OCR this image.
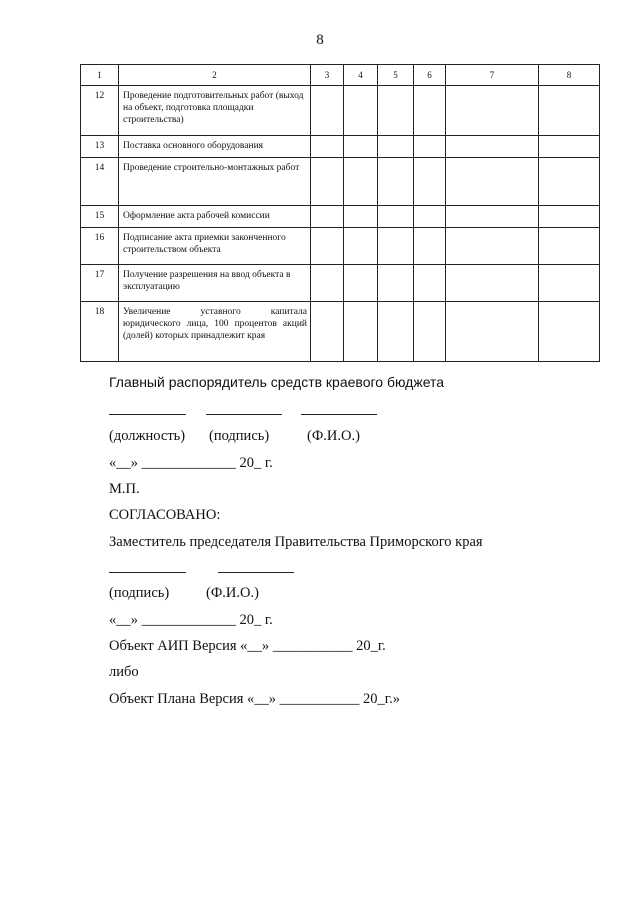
8
1	2	3	4	5	6	7	8
12	Проведение подготовительных работ (выход на объект, подготовка площадки строительства)						
13	Поставка основного оборудования						
14	Проведение строительно-монтажных работ						
15	Оформление акта рабочей комиссии						
16	Подписание акта приемки законченного строительством объекта						
17	Получение разрешения на ввод объекта в эксплуатацию						
18	Увеличение уставного капитала юридического лица, 100 процентов акций (долей) которых принадлежит края						
Главный распорядитель средств краевого бюджета
(должность) (подпись)	(Ф.И.О.)
«__» _____________ 20_ г.
М.П.
СОГЛАСОВАНО:
Заместитель председателя Правительства Приморского края
(подпись)	(Ф.И.О.)
«__» _____________ 20_ г.
Объект АИП Версия «__» ___________ 20_г.
либо
Объект Плана Версия «__» ___________ 20_г.»
